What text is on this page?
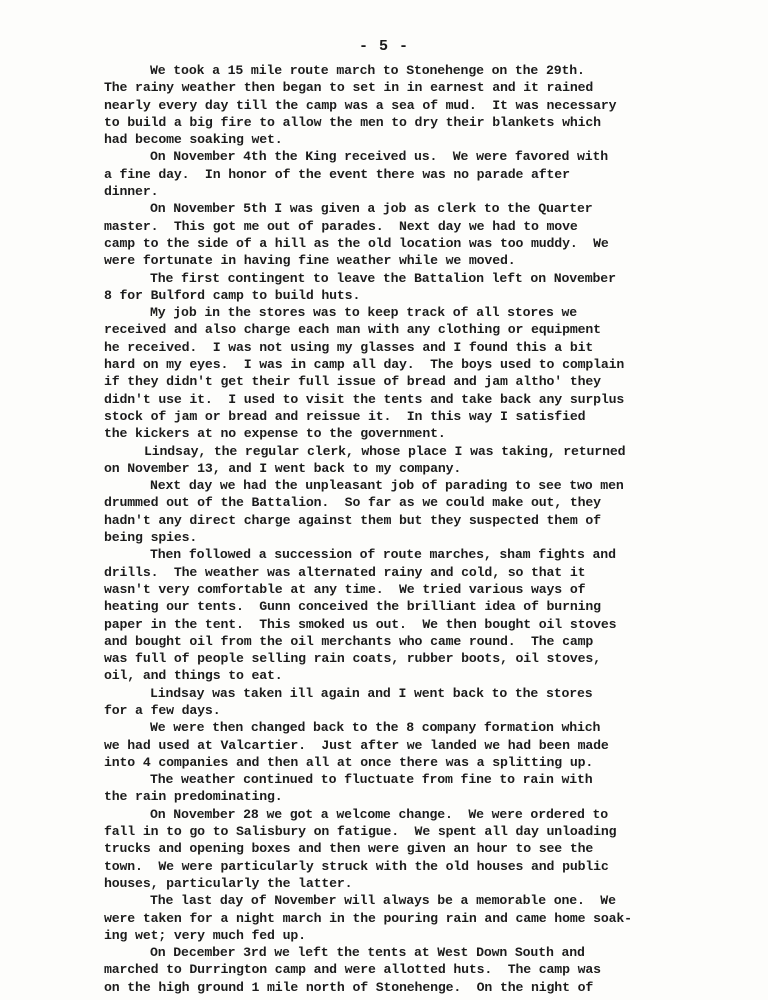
- 5 -
We took a 15 mile route march to Stonehenge on the 29th.
The rainy weather then began to set in in earnest and it rained
nearly every day till the camp was a sea of mud.  It was necessary
to build a big fire to allow the men to dry their blankets which
had become soaking wet.
On November 4th the King received us.  We were favored with
a fine day.  In honor of the event there was no parade after
dinner.
On November 5th I was given a job as clerk to the Quarter
master.  This got me out of parades.  Next day we had to move
camp to the side of a hill as the old location was too muddy.  We
were fortunate in having fine weather while we moved.
The first contingent to leave the Battalion left on November
8 for Bulford camp to build huts.
My job in the stores was to keep track of all stores we
received and also charge each man with any clothing or equipment
he received.  I was not using my glasses and I found this a bit
hard on my eyes.  I was in camp all day.  The boys used to complain
if they didn't get their full issue of bread and jam altho' they
didn't use it.  I used to visit the tents and take back any surplus
stock of jam or bread and reissue it.  In this way I satisfied
the kickers at no expense to the government.
Lindsay, the regular clerk, whose place I was taking, returned
on November 13, and I went back to my company.
Next day we had the unpleasant job of parading to see two men
drummed out of the Battalion.  So far as we could make out, they
hadn't any direct charge against them but they suspected them of
being spies.
Then followed a succession of route marches, sham fights and
drills.  The weather was alternated rainy and cold, so that it
wasn't very comfortable at any time.  We tried various ways of
heating our tents.  Gunn conceived the brilliant idea of burning
paper in the tent.  This smoked us out.  We then bought oil stoves
and bought oil from the oil merchants who came round.  The camp
was full of people selling rain coats, rubber boots, oil stoves,
oil, and things to eat.
Lindsay was taken ill again and I went back to the stores
for a few days.
We were then changed back to the 8 company formation which
we had used at Valcartier.  Just after we landed we had been made
into 4 companies and then all at once there was a splitting up.
The weather continued to fluctuate from fine to rain with
the rain predominating.
On November 28 we got a welcome change.  We were ordered to
fall in to go to Salisbury on fatigue.  We spent all day unloading
trucks and opening boxes and then were given an hour to see the
town.  We were particularly struck with the old houses and public
houses, particularly the latter.
The last day of November will always be a memorable one.  We
were taken for a night march in the pouring rain and came home soak-
ing wet; very much fed up.
On December 3rd we left the tents at West Down South and
marched to Durrington camp and were allotted huts.  The camp was
on the high ground 1 mile north of Stonehenge.  On the night of
